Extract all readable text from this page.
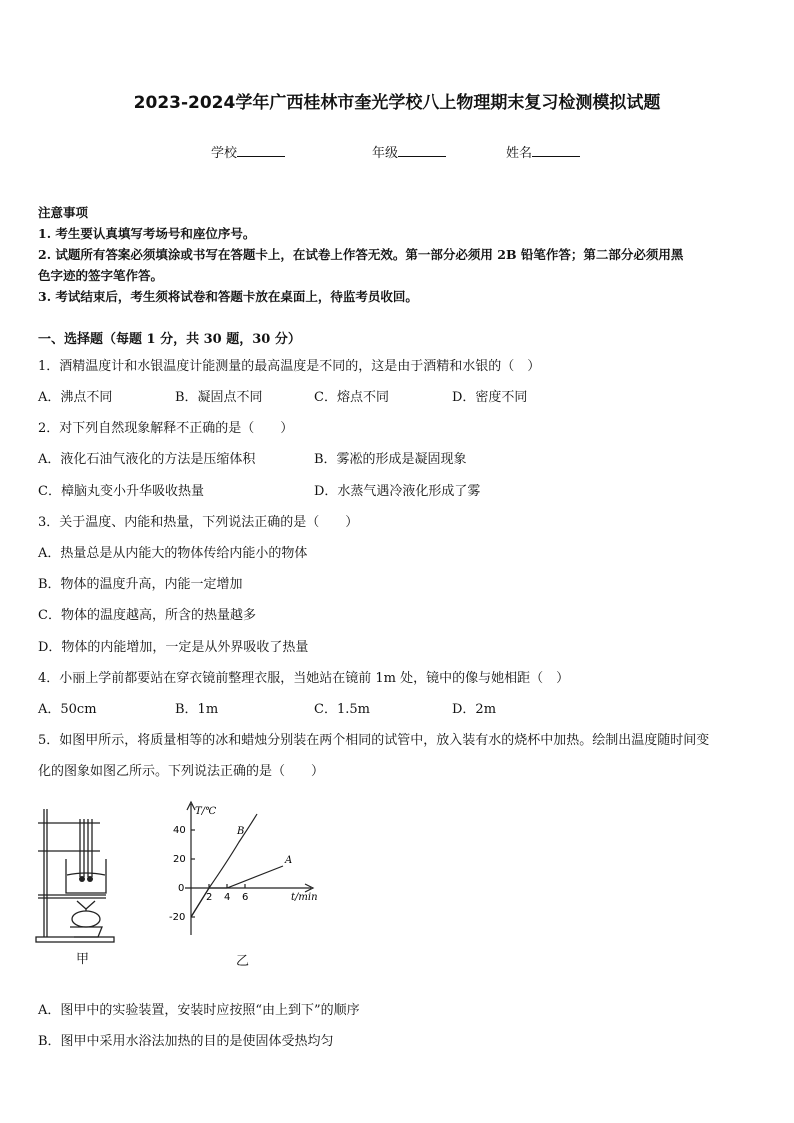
2023-2024学年广西桂林市奎光学校八上物理期末复习检测模拟试题
学校	年级	姓名
注意事项
1. 考生要认真填写考场号和座位序号。
2. 试题所有答案必须填涂或书写在答题卡上，在试卷上作答无效。第一部分必须用 2B 铅笔作答；第二部分必须用黑
色字迹的签字笔作答。
3. 考试结束后，考生须将试卷和答题卡放在桌面上，待监考员收回。
一、选择题（每题 1 分，共 30 题，30 分）
1．酒精温度计和水银温度计能测量的最高温度是不同的，这是由于酒精和水银的（　）
A．沸点不同	B．凝固点不同	C．熔点不同	D．密度不同
2．对下列自然现象解释不正确的是（　　）
A．液化石油气液化的方法是压缩体积	B．雾凇的形成是凝固现象
C．樟脑丸变小升华吸收热量	D．水蒸气遇冷液化形成了雾
3．关于温度、内能和热量，下列说法正确的是（　　）
A．热量总是从内能大的物体传给内能小的物体
B．物体的温度升高，内能一定增加
C．物体的温度越高，所含的热量越多
D．物体的内能增加，一定是从外界吸收了热量
4．小丽上学前都要站在穿衣镜前整理衣服，当她站在镜前 1m 处，镜中的像与她相距（　）
A．50cm	B．1m	C．1.5m	D．2m
5．如图甲所示，将质量相等的冰和蜡烛分别装在两个相同的试管中，放入装有水的烧杯中加热。绘制出温度随时间变
化的图象如图乙所示。下列说法正确的是（　　）
甲
T/℃
t/min
40
20
0
-20
2 4 6
B
A
乙
A．图甲中的实验装置，安装时应按照“由上到下”的顺序
B．图甲中采用水浴法加热的目的是使固体受热均匀
